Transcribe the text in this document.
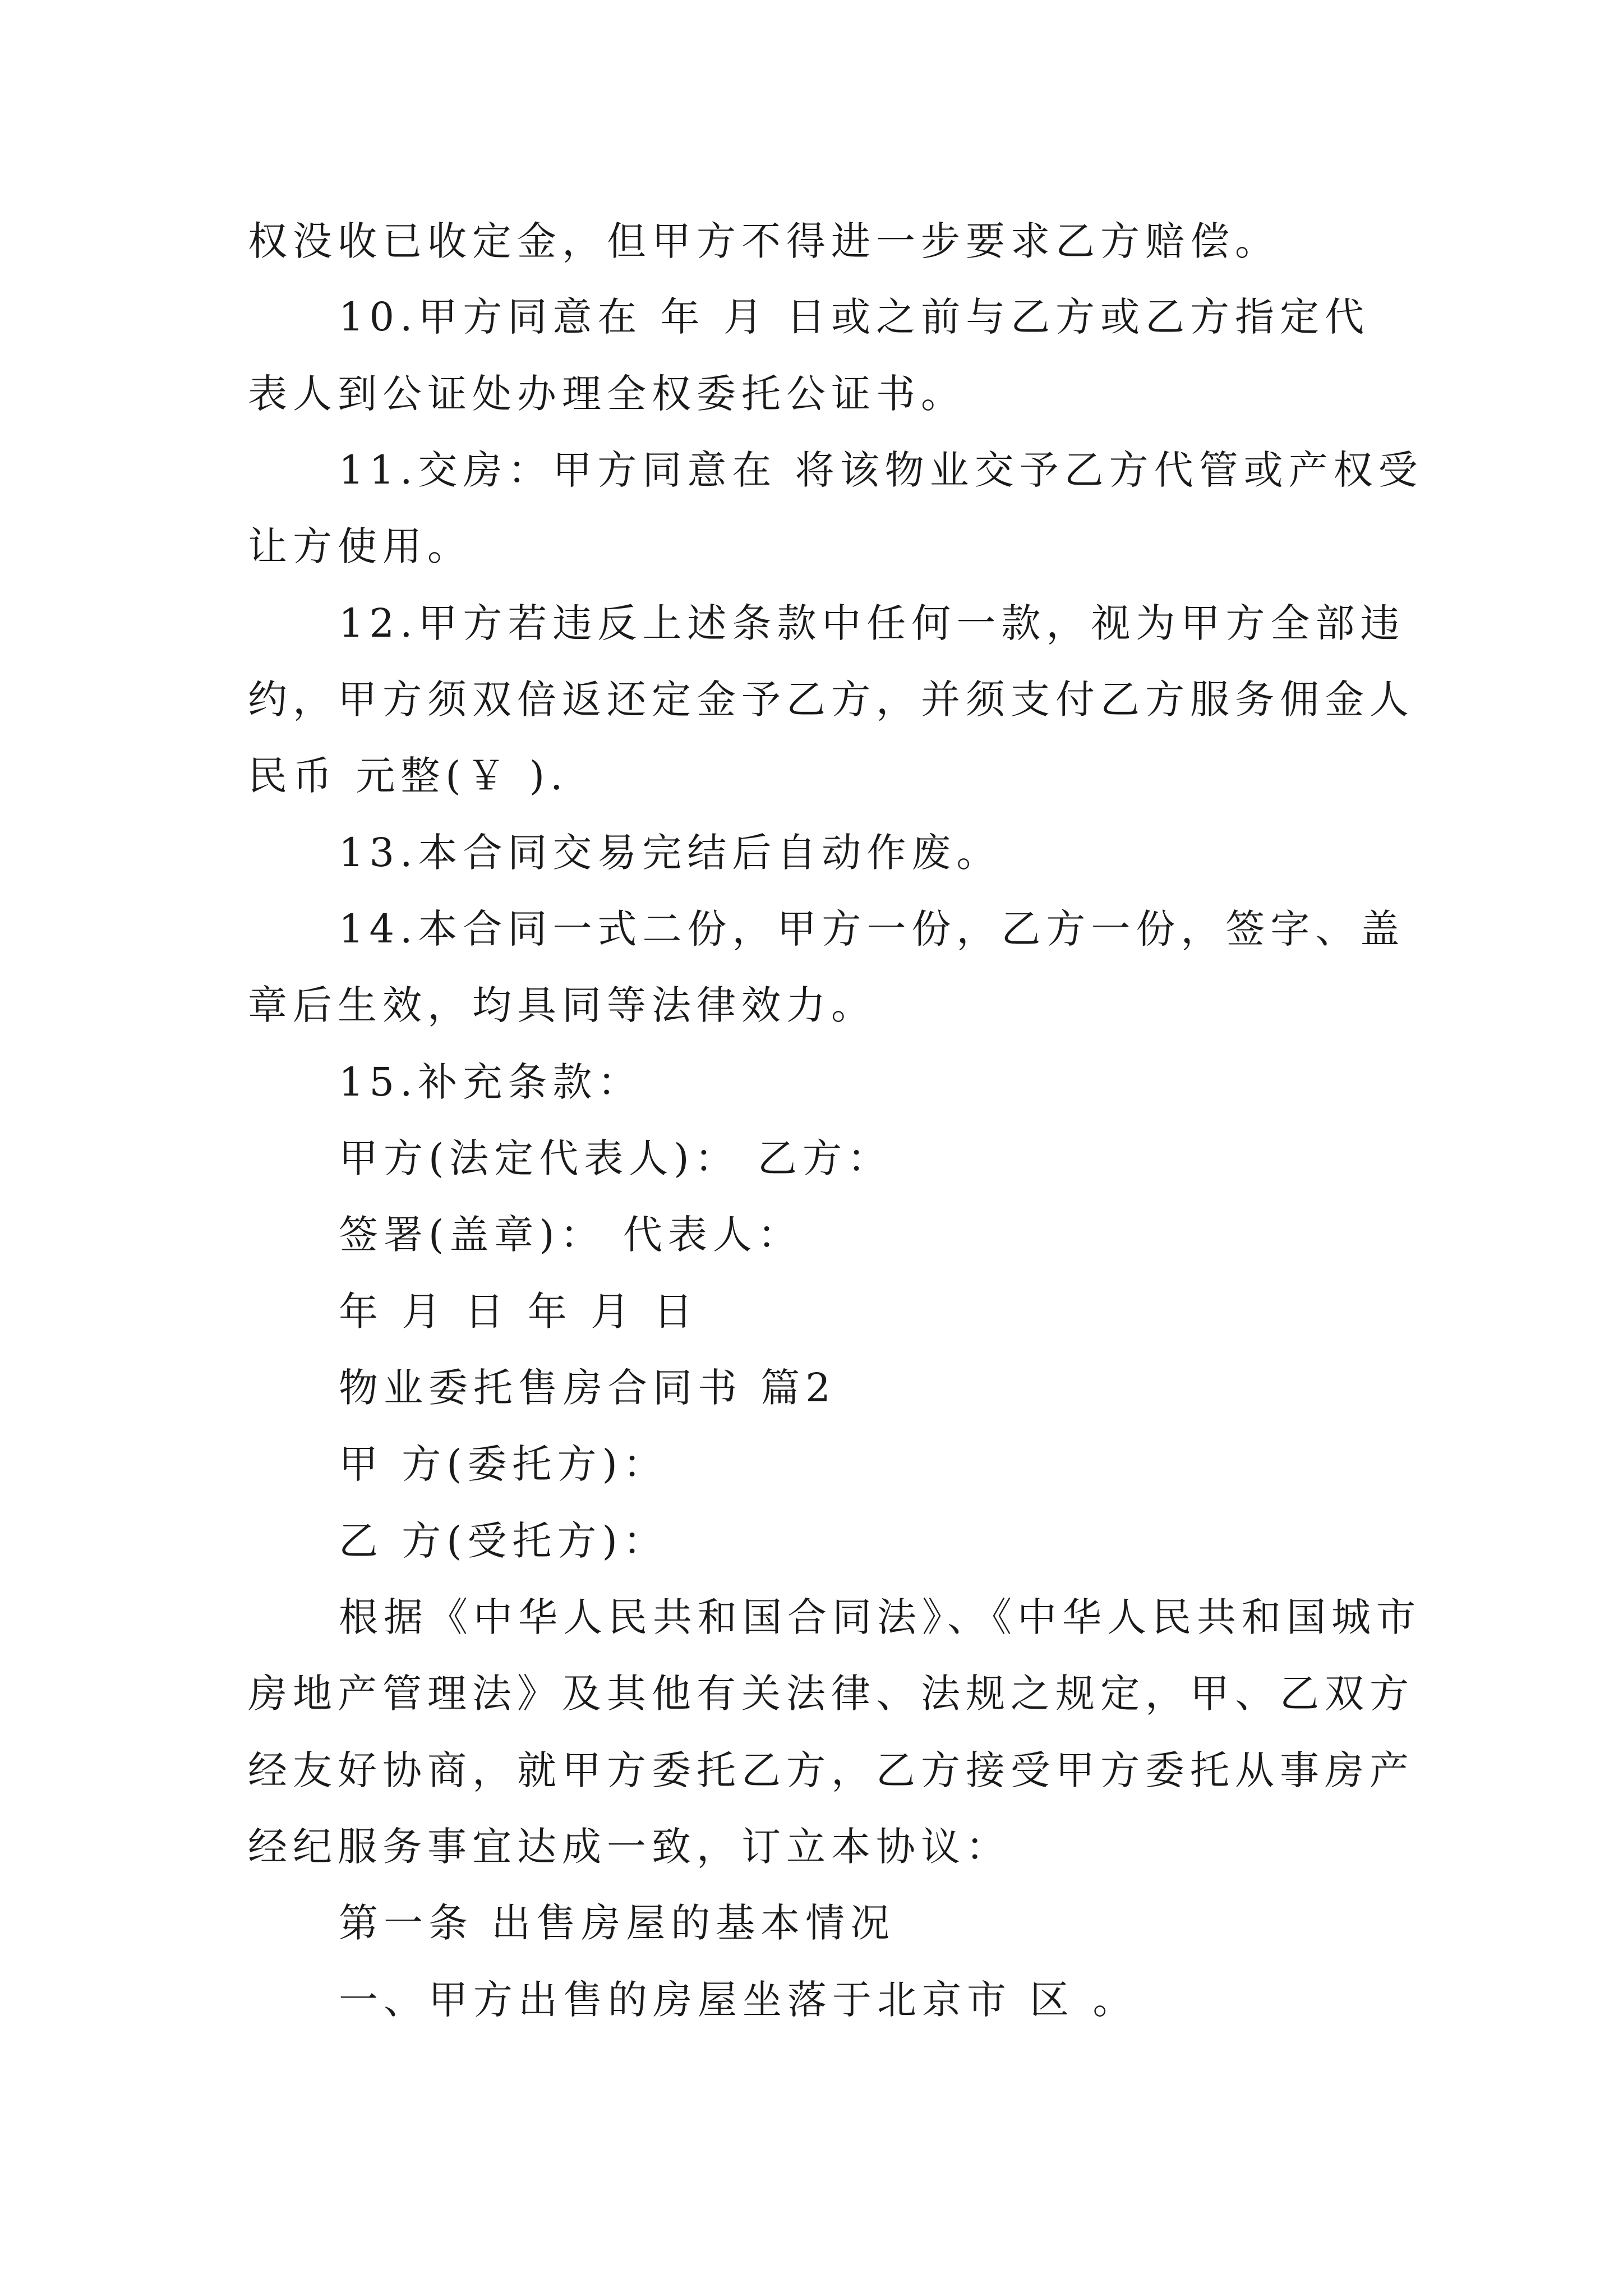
权没收已收定金，但甲方不得进一步要求乙方赔偿。

10.甲方同意在 年 月 日或之前与乙方或乙方指定代

表人到公证处办理全权委托公证书。

11.交房：甲方同意在 将该物业交予乙方代管或产权受

让方使用。

12.甲方若违反上述条款中任何一款，视为甲方全部违

约，甲方须双倍返还定金予乙方，并须支付乙方服务佣金人

民币 元整(￥ ).

13.本合同交易完结后自动作废。

14.本合同一式二份，甲方一份，乙方一份，签字、盖

章后生效，均具同等法律效力。

15.补充条款：

甲方(法定代表人)： 乙方：

签署(盖章)： 代表人：

年 月 日 年 月 日

物业委托售房合同书 篇2

甲 方(委托方)：

乙 方(受托方)：

根据《中华人民共和国合同法》、《中华人民共和国城市

房地产管理法》及其他有关法律、法规之规定，甲、乙双方

经友好协商，就甲方委托乙方，乙方接受甲方委托从事房产

经纪服务事宜达成一致，订立本协议：

第一条 出售房屋的基本情况

一、甲方出售的房屋坐落于北京市 区 。
